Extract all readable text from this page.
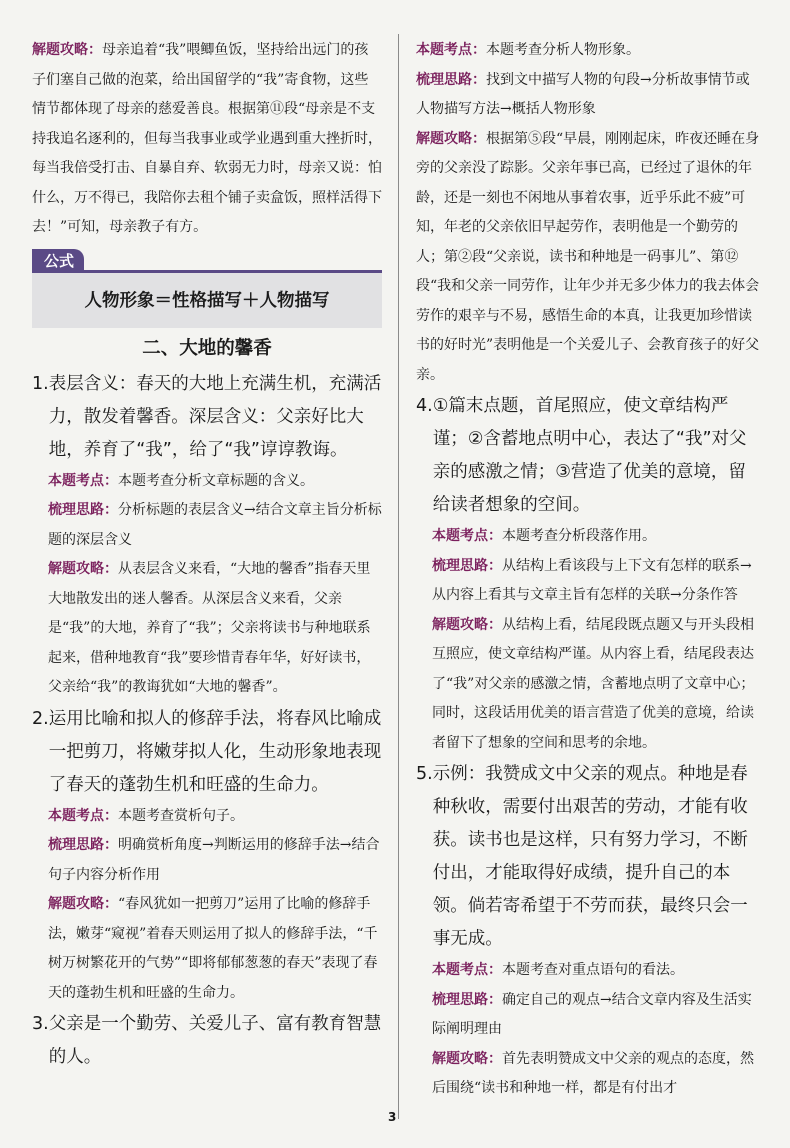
解题攻略：母亲追着“我”喂鲫鱼饭，坚持给出远门的孩子们塞自己做的泡菜，给出国留学的“我”寄食物，这些情节都体现了母亲的慈爱善良。根据第⑪段“母亲是不支持我追名逐利的，但每当我事业或学业遇到重大挫折时，每当我倍受打击、自暴自弃、软弱无力时，母亲又说：怕什么，万不得已，我陪你去租个铺子卖盒饭，照样活得下去！”可知，母亲教子有方。

公式
人物形象＝性格描写＋人物描写
二、大地的馨香
1. 表层含义：春天的大地上充满生机，充满活力，散发着馨香。深层含义：父亲好比大地，养育了“我”，给了“我”谆谆教诲。

本题考点：本题考查分析文章标题的含义。

梳理思路：分析标题的表层含义→结合文章主旨分析标题的深层含义

解题攻略：从表层含义来看，“大地的馨香”指春天里大地散发出的迷人馨香。从深层含义来看，父亲是“我”的大地，养育了“我”；父亲将读书与种地联系起来，借种地教育“我”要珍惜青春年华，好好读书，父亲给“我”的教诲犹如“大地的馨香”。

2. 运用比喻和拟人的修辞手法，将春风比喻成一把剪刀，将嫩芽拟人化，生动形象地表现了春天的蓬勃生机和旺盛的生命力。

本题考点：本题考查赏析句子。

梳理思路：明确赏析角度→判断运用的修辞手法→结合句子内容分析作用

解题攻略：“春风犹如一把剪刀”运用了比喻的修辞手法，嫩芽“窥视”着春天则运用了拟人的修辞手法，“千树万树繁花开的气势”“即将郁郁葱葱的春天”表现了春天的蓬勃生机和旺盛的生命力。

3. 父亲是一个勤劳、关爱儿子、富有教育智慧的人。

本题考点：本题考查分析人物形象。

梳理思路：找到文中描写人物的句段→分析故事情节或人物描写方法→概括人物形象

解题攻略：根据第⑤段“早晨，刚刚起床，昨夜还睡在身旁的父亲没了踪影。父亲年事已高，已经过了退休的年龄，还是一刻也不闲地从事着农事，近乎乐此不疲”可知，年老的父亲依旧早起劳作，表明他是一个勤劳的人；第②段“父亲说，读书和种地是一码事儿”、第⑫段“我和父亲一同劳作，让年少并无多少体力的我去体会劳作的艰辛与不易，感悟生命的本真，让我更加珍惜读书的好时光”表明他是一个关爱儿子、会教育孩子的好父亲。

4. ①篇末点题，首尾照应，使文章结构严谨；②含蓄地点明中心，表达了“我”对父亲的感激之情；③营造了优美的意境，留给读者想象的空间。

本题考点：本题考查分析段落作用。

梳理思路：从结构上看该段与上下文有怎样的联系→从内容上看其与文章主旨有怎样的关联→分条作答

解题攻略：从结构上看，结尾段既点题又与开头段相互照应，使文章结构严谨。从内容上看，结尾段表达了“我”对父亲的感激之情，含蓄地点明了文章中心；同时，这段话用优美的语言营造了优美的意境，给读者留下了想象的空间和思考的余地。

5. 示例：我赞成文中父亲的观点。种地是春种秋收，需要付出艰苦的劳动，才能有收获。读书也是这样，只有努力学习，不断付出，才能取得好成绩，提升自己的本领。倘若寄希望于不劳而获，最终只会一事无成。

本题考点：本题考查对重点语句的看法。

梳理思路：确定自己的观点→结合文章内容及生活实际阐明理由

解题攻略：首先表明赞成文中父亲的观点的态度，然后围绕“读书和种地一样，都是有付出才

3
